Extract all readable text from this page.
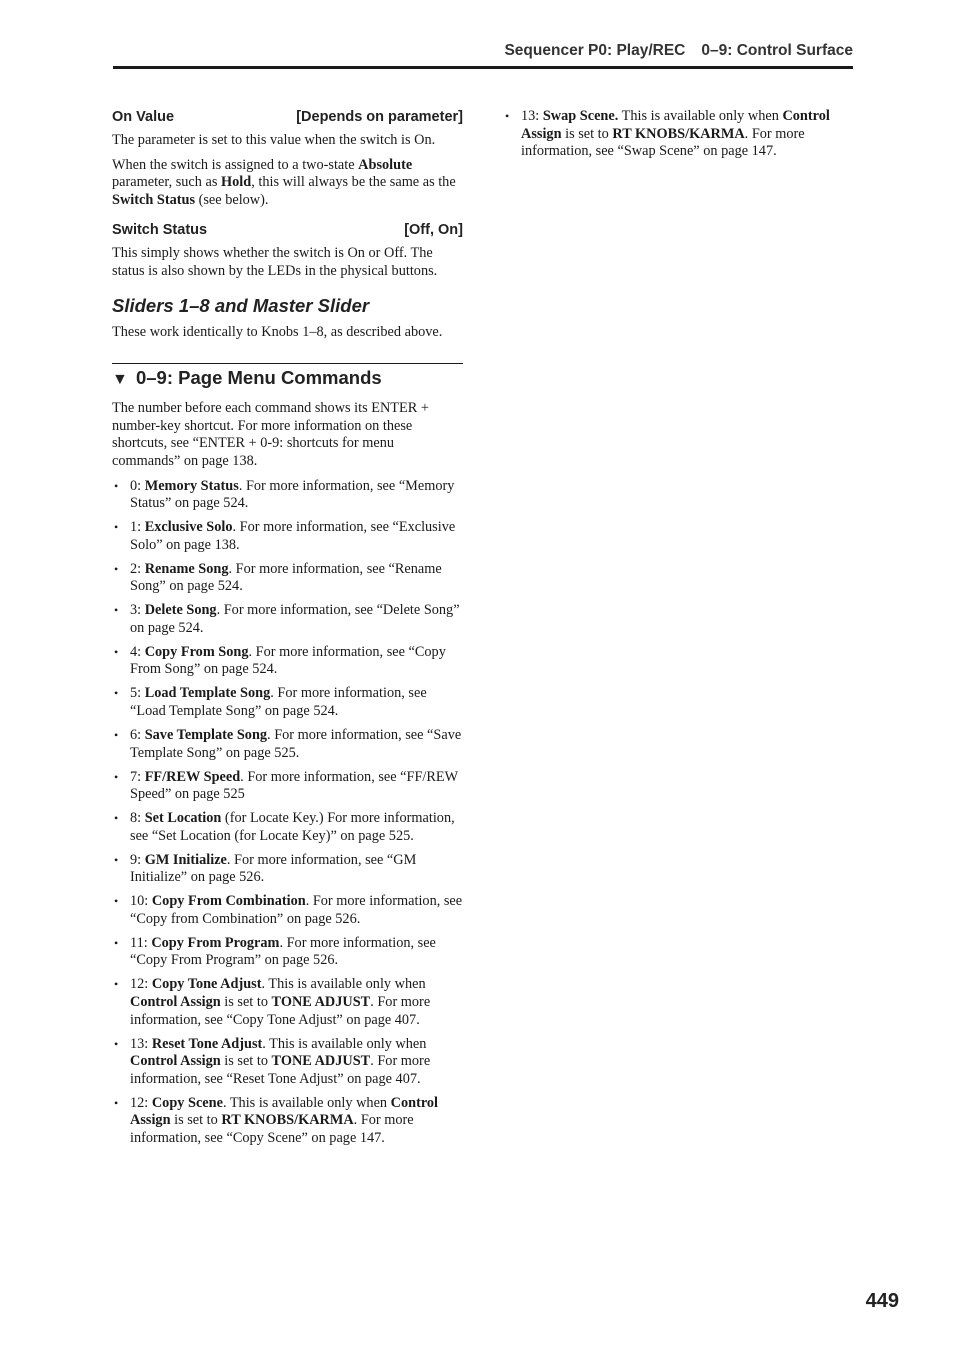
Sequencer P0: Play/REC 0–9: Control Surface
On Value	[Depends on parameter]

The parameter is set to this value when the switch is On.

When the switch is assigned to a two-state Absolute parameter, such as Hold, this will always be the same as the Switch Status (see below).

Switch Status	[Off, On]

This simply shows whether the switch is On or Off. The status is also shown by the LEDs in the physical buttons.

Sliders 1–8 and Master Slider

These work identically to Knobs 1–8, as described above.

▼ 0–9: Page Menu Commands

The number before each command shows its ENTER + number-key shortcut. For more information on these shortcuts, see “ENTER + 0-9: shortcuts for menu commands” on page 138.

• 0: Memory Status. For more information, see “Memory Status” on page 524.
• 1: Exclusive Solo. For more information, see “Exclusive Solo” on page 138.
• 2: Rename Song. For more information, see “Rename Song” on page 524.
• 3: Delete Song. For more information, see “Delete Song” on page 524.
• 4: Copy From Song. For more information, see “Copy From Song” on page 524.
• 5: Load Template Song. For more information, see “Load Template Song” on page 524.
• 6: Save Template Song. For more information, see “Save Template Song” on page 525.
• 7: FF/REW Speed. For more information, see “FF/REW Speed” on page 525
• 8: Set Location (for Locate Key.) For more information, see “Set Location (for Locate Key)” on page 525.
• 9: GM Initialize. For more information, see “GM Initialize” on page 526.
• 10: Copy From Combination. For more information, see “Copy from Combination” on page 526.
• 11: Copy From Program. For more information, see “Copy From Program” on page 526.
• 12: Copy Tone Adjust. This is available only when Control Assign is set to TONE ADJUST. For more information, see “Copy Tone Adjust” on page 407.
• 13: Reset Tone Adjust. This is available only when Control Assign is set to TONE ADJUST. For more information, see “Reset Tone Adjust” on page 407.
• 12: Copy Scene. This is available only when Control Assign is set to RT KNOBS/KARMA. For more information, see “Copy Scene” on page 147.
• 13: Swap Scene. This is available only when Control Assign is set to RT KNOBS/KARMA. For more information, see “Swap Scene” on page 147.
449
